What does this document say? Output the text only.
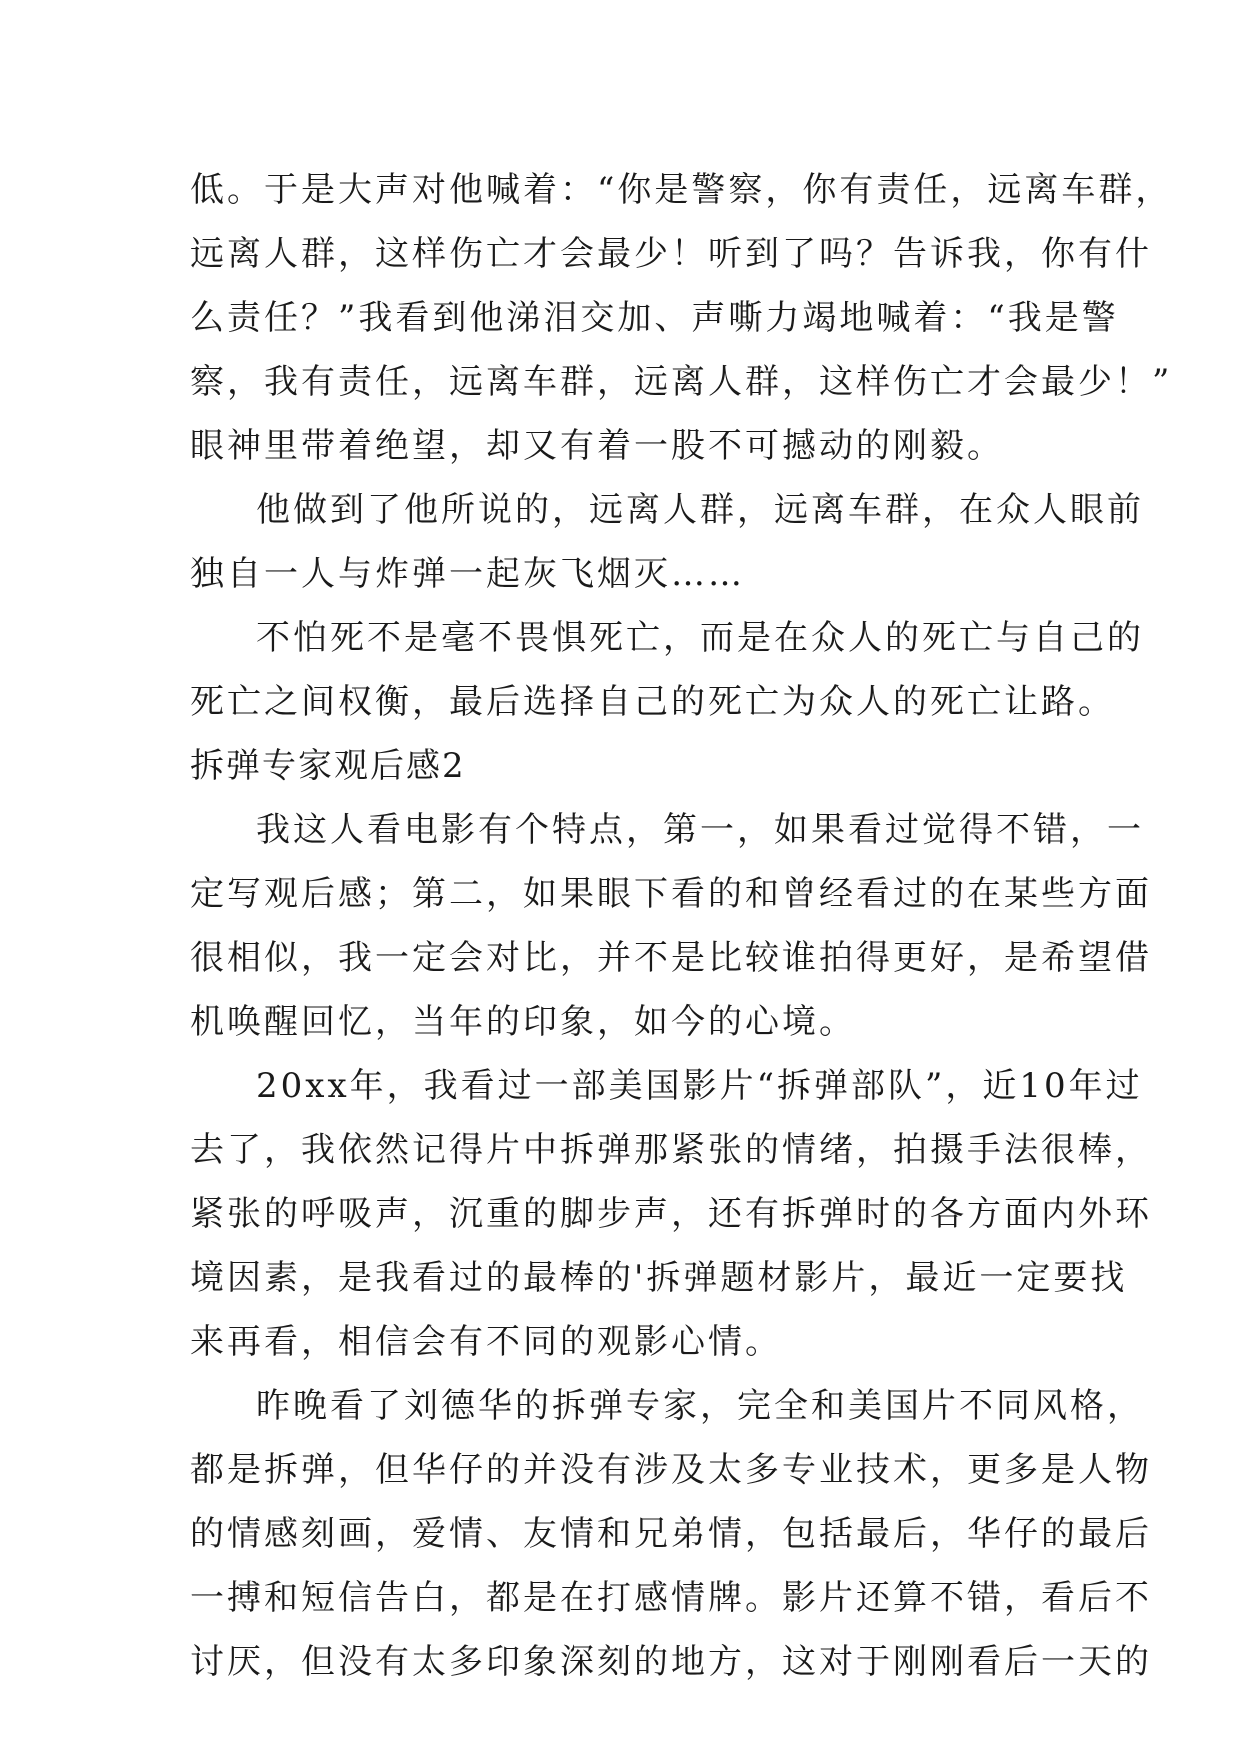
低。于是大声对他喊着：“你是警察，你有责任，远离车群，
远离人群，这样伤亡才会最少！听到了吗？告诉我，你有什
么责任？”我看到他涕泪交加、声嘶力竭地喊着：“我是警
察，我有责任，远离车群，远离人群，这样伤亡才会最少！”
眼神里带着绝望，却又有着一股不可撼动的刚毅。
他做到了他所说的，远离人群，远离车群，在众人眼前
独自一人与炸弹一起灰飞烟灭……
不怕死不是毫不畏惧死亡，而是在众人的死亡与自己的
死亡之间权衡，最后选择自己的死亡为众人的死亡让路。
拆弹专家观后感2
我这人看电影有个特点，第一，如果看过觉得不错，一
定写观后感；第二，如果眼下看的和曾经看过的在某些方面
很相似，我一定会对比，并不是比较谁拍得更好，是希望借
机唤醒回忆，当年的印象，如今的心境。
20xx年，我看过一部美国影片“拆弹部队”，近10年过
去了，我依然记得片中拆弹那紧张的情绪，拍摄手法很棒，
紧张的呼吸声，沉重的脚步声，还有拆弹时的各方面内外环
境因素，是我看过的最棒的'拆弹题材影片，最近一定要找
来再看，相信会有不同的观影心情。
昨晚看了刘德华的拆弹专家，完全和美国片不同风格，
都是拆弹，但华仔的并没有涉及太多专业技术，更多是人物
的情感刻画，爱情、友情和兄弟情，包括最后，华仔的最后
一搏和短信告白，都是在打感情牌。影片还算不错，看后不
讨厌，但没有太多印象深刻的地方，这对于刚刚看后一天的
